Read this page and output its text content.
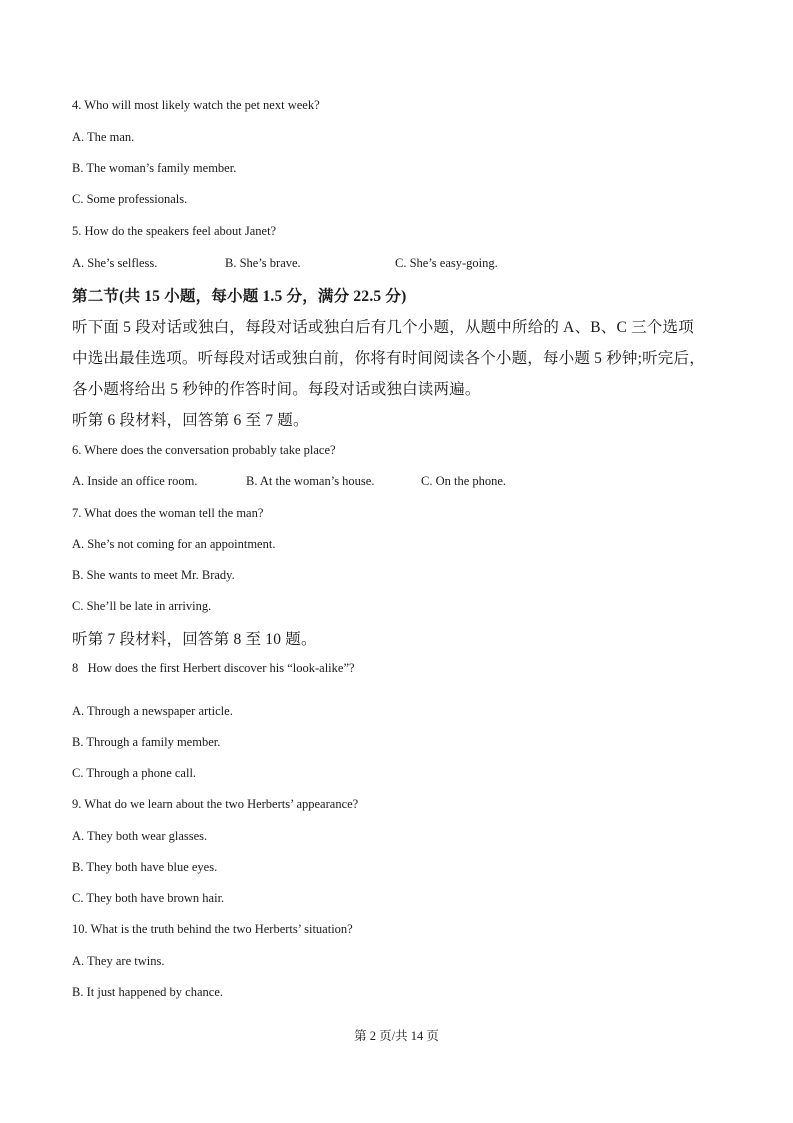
4. Who will most likely watch the pet next week?
A. The man.
B. The woman’s family member.
C. Some professionals.
5. How do the speakers feel about Janet?
A. She’s selfless.	B. She’s brave.	C. She’s easy-going.
第二节(共 15 小题，每小题 1.5 分，满分 22.5 分)
听下面 5 段对话或独白，每段对话或独白后有几个小题，从题中所给的 A、B、C 三个选项
中选出最佳选项。听每段对话或独白前，你将有时间阅读各个小题，每小题 5 秒钟;听完后，
各小题将给出 5 秒钟的作答时间。每段对话或独白读两遍。
听第 6 段材料，回答第 6 至 7 题。
6. Where does the conversation probably take place?
A. Inside an office room.	B. At the woman’s house.	C. On the phone.
7. What does the woman tell the man?
A. She’s not coming for an appointment.
B. She wants to meet Mr. Brady.
C. She’ll be late in arriving.
听第 7 段材料，回答第 8 至 10 题。
8   How does the first Herbert discover his “look-alike”?
A. Through a newspaper article.
B. Through a family member.
C. Through a phone call.
9. What do we learn about the two Herberts’ appearance?
A. They both wear glasses.
B. They both have blue eyes.
C. They both have brown hair.
10. What is the truth behind the two Herberts’ situation?
A. They are twins.
B. It just happened by chance.
第 2 页/共 14 页
